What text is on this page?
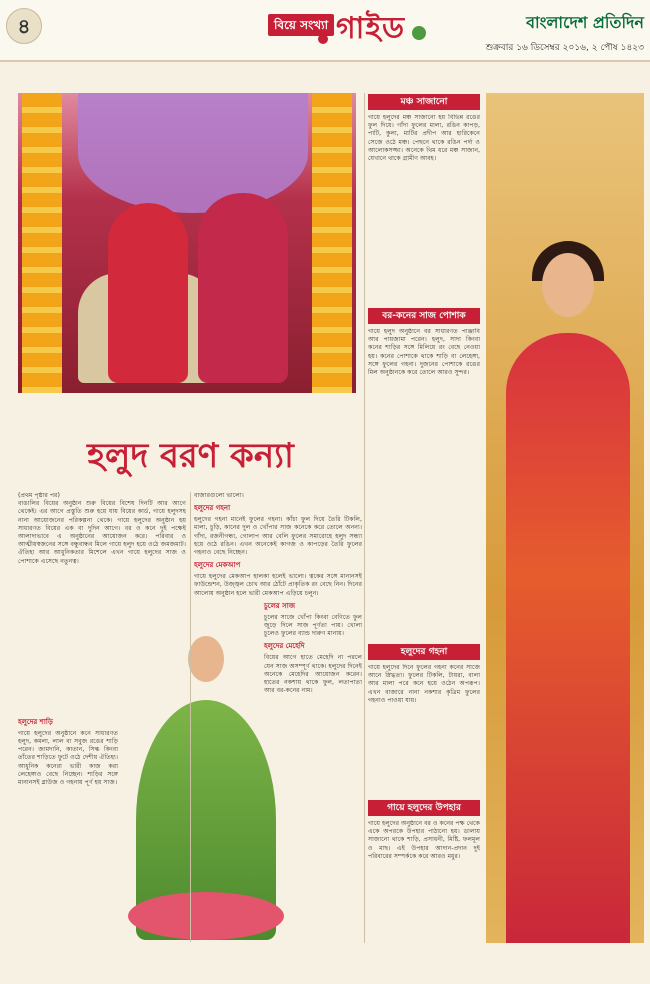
৪	বিয়ে সংখ্যা গাইড	বাংলাদেশ প্রতিদিন
শুক্রবার ১৬ ডিসেম্বর ২০১৬, ২ পৌষ ১৪২৩
হলুদ বরণ কন্যা
(প্রথম পৃষ্ঠার পর)
বাঙালির বিয়ের অনুষ্ঠান শুরু বিয়ের বিশেষ দিনটি আর আগে থেকেই। এর আগে প্রস্তুতি শুরু হয়ে যায় বিয়ের কার্ড, গায়ে হলুদসহ নানা আয়োজনের পরিকল্পনা থেকে। গায়ে হলুদের অনুষ্ঠান হয় সাধারণত বিয়ের এক বা দুদিন আগে। বর ও কনে দুই পক্ষেই আলাদাভাবে এ অনুষ্ঠানের আয়োজন করে। পরিবার ও আত্মীয়স্বজনের সঙ্গে বন্ধুবান্ধব মিলে গায়ে হলুদ হয়ে ওঠে জমজমাট। ঐতিহ্য আর আধুনিকতার মিশেলে এখন গায়ে হলুদের সাজ ও পোশাকে এসেছে নতুনত্ব।
হলুদের শাড়ি
গায়ে হলুদের অনুষ্ঠানে কনে সাধারণত হলুদ, কমলা, লাল বা সবুজ রঙের শাড়ি পরেন। জামদানি, কাতান, সিল্ক কিংবা তাঁতের শাড়িতে ফুটে ওঠে দেশীয় ঐতিহ্য। আধুনিক কনেরা ভারী কাজ করা লেহেঙ্গাও বেছে নিচ্ছেন। শাড়ির সঙ্গে মানানসই ব্লাউজ ও গহনায় পূর্ণ হয় সাজ।
বাজারগুলো ভালো।
হলুদের গহনা
হলুদের গহনা মানেই ফুলের গহনা। কাঁচা ফুল দিয়ে তৈরি টিকলি, মালা, চুড়ি, কানের দুল ও খোঁপার সাজ কনেকে করে তোলে অনন্য। গাঁদা, রজনীগন্ধা, গোলাপ আর বেলি ফুলের সমারোহে হলুদ সন্ধ্যা হয়ে ওঠে রঙিন। এখন অনেকেই কাগজ ও কাপড়ের তৈরি ফুলের গহনাও বেছে নিচ্ছেন।
হলুদের মেকআপ
গায়ে হলুদের মেকআপ হালকা হলেই ভালো। ত্বকের সঙ্গে মানানসই ফাউন্ডেশন, উজ্জ্বল চোখ আর ঠোঁটে প্রাকৃতিক রং বেছে নিন। দিনের আলোয় অনুষ্ঠান হলে ভারী মেকআপ এড়িয়ে চলুন।
চুলের সাজ
চুলের সাজে খোঁপা কিংবা বেণিতে ফুল জুড়ে দিলে সাজ পূর্ণতা পায়। খোলা চুলেও ফুলের ব্যান্ড দারুণ মানায়।
হলুদের মেহেদি
বিয়ের আগে হাতে মেহেদি না পরলে যেন সাজ অসম্পূর্ণ থাকে। হলুদের দিনেই অনেকে মেহেদির আয়োজন করেন। হাতের নকশায় থাকে ফুল, লতাপাতা আর বর-কনের নাম।
মঞ্চ সাজানো
গায়ে হলুদের মঞ্চ সাজানো হয় বিভিন্ন রঙের ফুল দিয়ে। গাঁদা ফুলের মালা, রঙিন কাপড়, পাটি, কুলা, মাটির প্রদীপ আর হারিকেনে সেজে ওঠে মঞ্চ। পেছনে থাকে রঙিন পর্দা ও আলোকসজ্জা। অনেকে থিম ধরে মঞ্চ সাজান, যেখানে থাকে গ্রামীণ আবহ।
বর-কনের সাজ পোশাক
গায়ে হলুদ অনুষ্ঠানে বর সাধারণত পাঞ্জাবি আর পায়জামা পরেন। হলুদ, সাদা কিংবা কনের শাড়ির সঙ্গে মিলিয়ে রং বেছে নেওয়া হয়। কনের পোশাকে থাকে শাড়ি বা লেহেঙ্গা, সঙ্গে ফুলের গহনা। দুজনের পোশাকে রঙের মিল অনুষ্ঠানকে করে তোলে আরও সুন্দর।
হলুদের গহনা
গায়ে হলুদের দিনে ফুলের গহনা কনের সাজে আনে স্নিগ্ধতা। ফুলের টিকলি, টায়রা, বালা আর মালা পরে কনে হয়ে ওঠেন অপরূপ। এখন বাজারে নানা নকশার কৃত্রিম ফুলের গহনাও পাওয়া যায়।
গায়ে হলুদের উপহার
গায়ে হলুদের অনুষ্ঠানে বর ও কনের পক্ষ থেকে একে অপরকে উপহার পাঠানো হয়। ডালায় সাজানো থাকে শাড়ি, প্রসাধনী, মিষ্টি, ফলমূল ও মাছ। এই উপহার আদান-প্রদান দুই পরিবারের সম্পর্ককে করে আরও মধুর।
